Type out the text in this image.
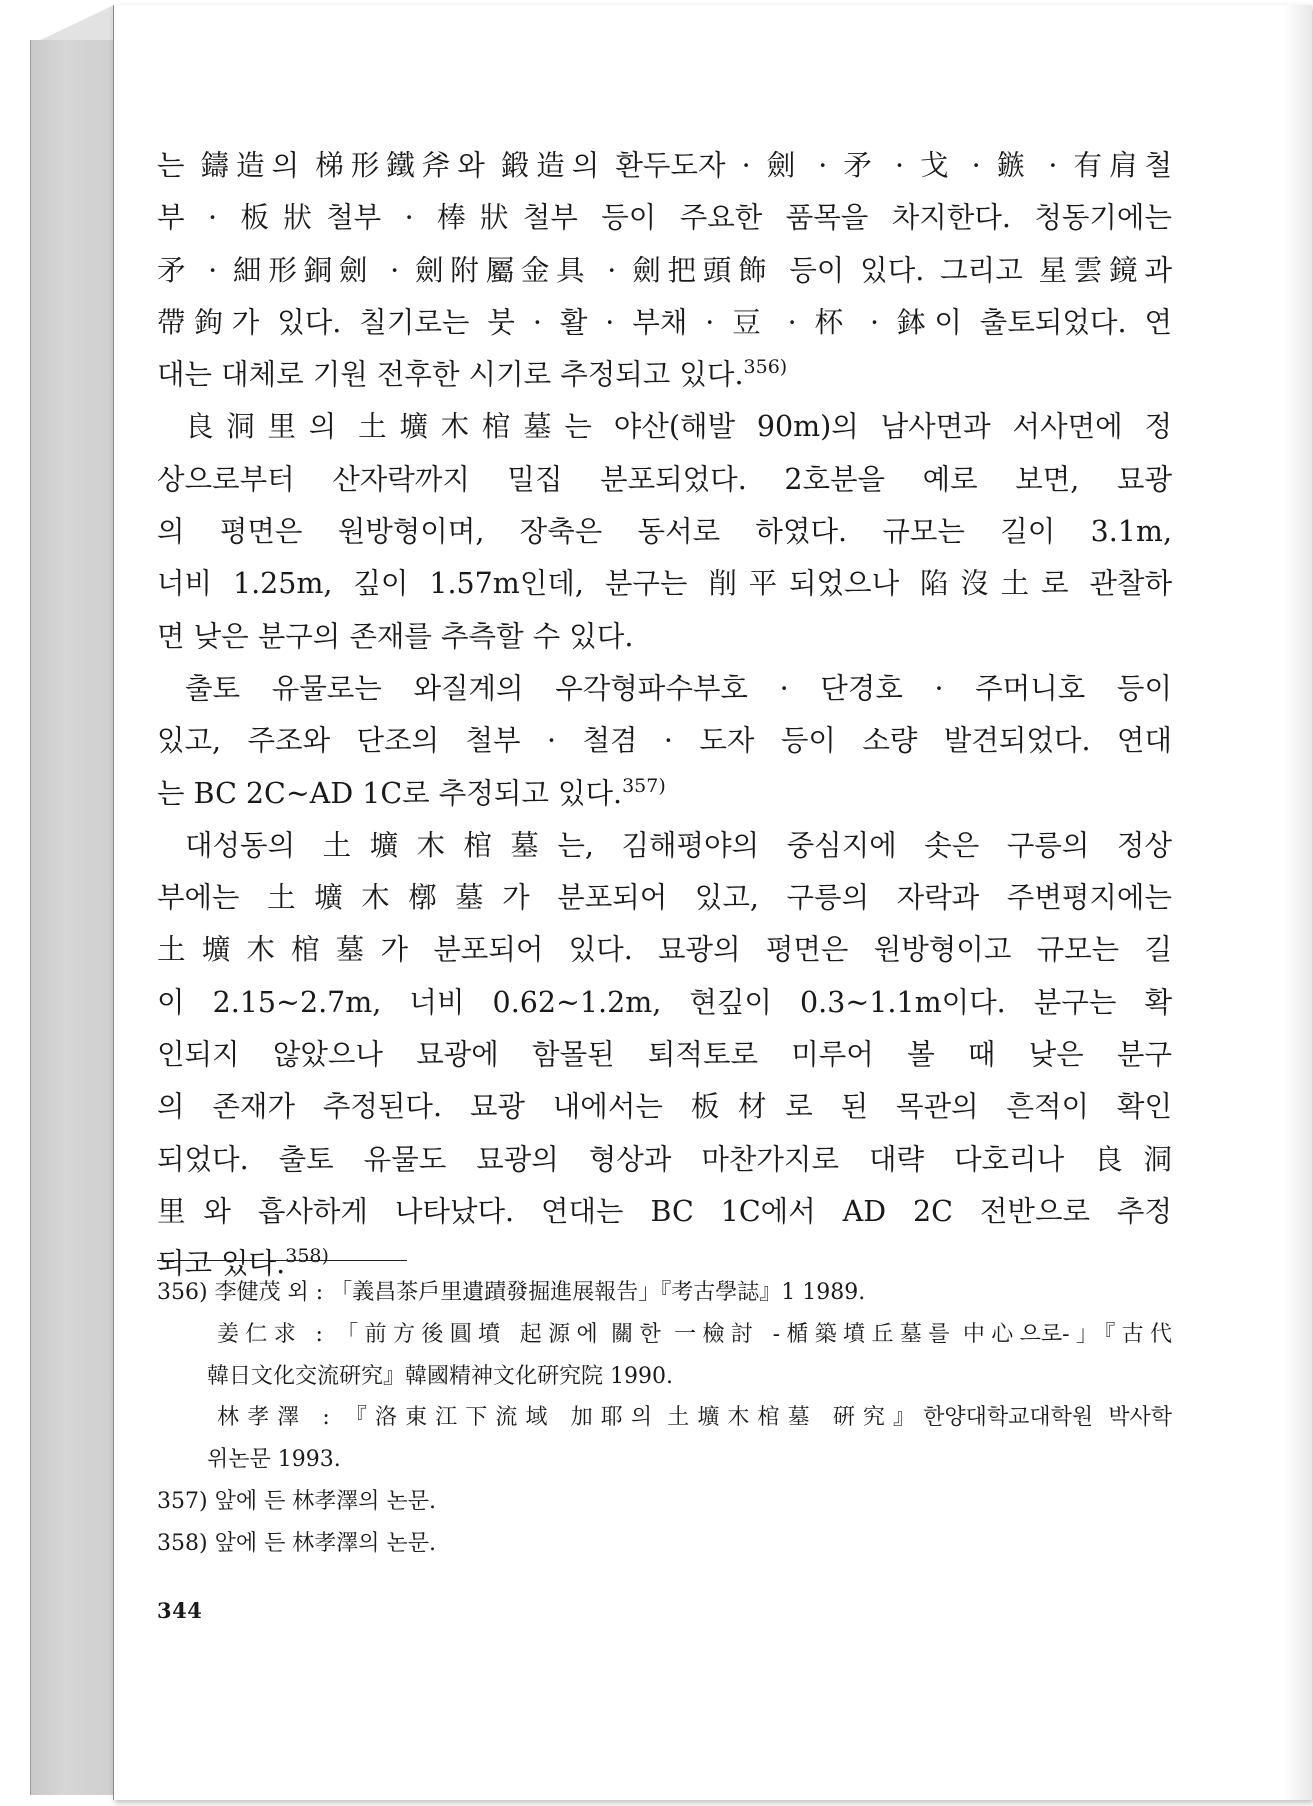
는 鑄造의 梯形鐵斧와 鍛造의 환두도자 · 劍 · 矛 · 戈 · 鏃 · 有肩철
부 · 板狀철부 · 棒狀철부 등이 주요한 품목을 차지한다. 청동기에는
矛 · 細形銅劍 · 劍附屬金具 · 劍把頭飾 등이 있다. 그리고 星雲鏡과
帶鉤가 있다. 칠기로는 붓 · 활 · 부채 · 豆 · 杯 · 鉢이 출토되었다. 연
대는 대체로 기원 전후한 시기로 추정되고 있다.$^{356)}$
良洞里의 土壙木棺墓는 야산(해발 90m)의 남사면과 서사면에 정
상으로부터 산자락까지 밀집 분포되었다. 2호분을 예로 보면, 묘광
의 평면은 원방형이며, 장축은 동서로 하였다. 규모는 길이 3.1m,
너비 1.25m, 깊이 1.57m인데, 분구는 削平되었으나 陷沒土로 관찰하
면 낮은 분구의 존재를 추측할 수 있다.
출토 유물로는 와질계의 우각형파수부호 · 단경호 · 주머니호 등이
있고, 주조와 단조의 철부 · 철겸 · 도자 등이 소량 발견되었다. 연대
는 BC 2C~AD 1C로 추정되고 있다.$^{357)}$
대성동의 土壙木棺墓는, 김해평야의 중심지에 솟은 구릉의 정상
부에는 土壙木槨墓가 분포되어 있고, 구릉의 자락과 주변평지에는
土壙木棺墓가 분포되어 있다. 묘광의 평면은 원방형이고 규모는 길
이 2.15~2.7m, 너비 0.62~1.2m, 현깊이 0.3~1.1m이다. 분구는 확
인되지 않았으나 묘광에 함몰된 퇴적토로 미루어 볼 때 낮은 분구
의 존재가 추정된다. 묘광 내에서는 板材로 된 목관의 흔적이 확인
되었다. 출토 유물도 묘광의 형상과 마찬가지로 대략 다호리나 良洞
里와 흡사하게 나타났다. 연대는 BC 1C에서 AD 2C 전반으로 추정
되고 있다.$^{358)}$
356) 李健茂 외 : 「義昌茶戶里遺蹟發掘進展報告」『考古學誌』1 1989.
姜仁求 : 「前方後圓墳 起源에 關한 一檢討 -楯築墳丘墓를 中心으로-」『古代
韓日文化交流硏究』韓國精神文化硏究院 1990.
林孝澤 : 『洛東江下流域 加耶의 土壙木棺墓 硏究』한양대학교대학원 박사학
위논문 1993.
357) 앞에 든 林孝澤의 논문.
358) 앞에 든 林孝澤의 논문.
344
